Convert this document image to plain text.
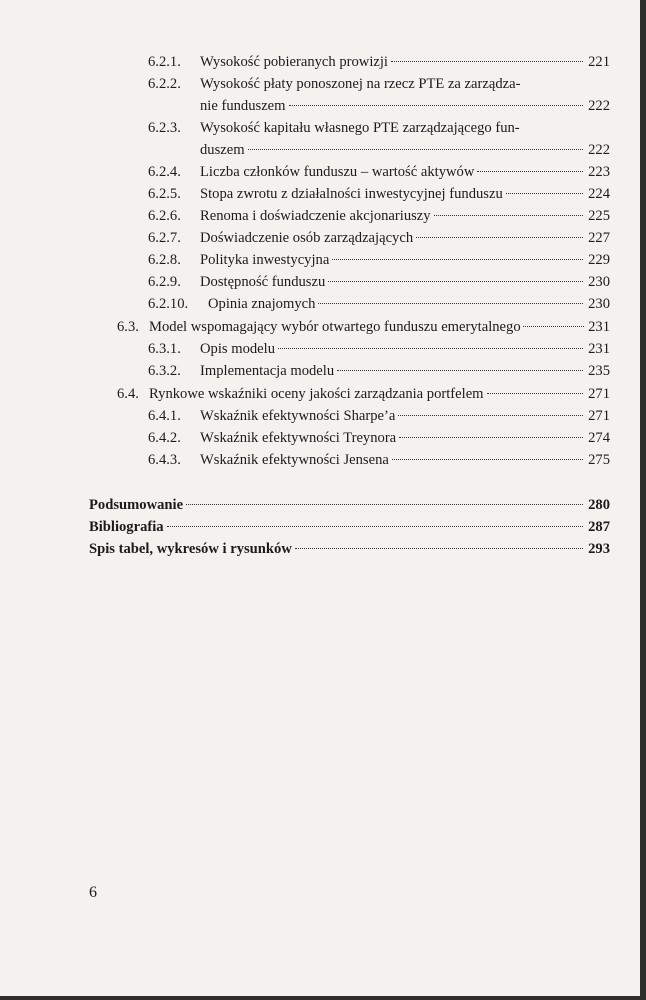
6.2.1.	Wysokość pobieranych prowizji	221
6.2.2.	Wysokość płaty ponoszonej na rzecz PTE za zarządza-
nie funduszem	222
6.2.3.	Wysokość kapitału własnego PTE zarządzającego fun-
duszem	222
6.2.4.	Liczba członków funduszu – wartość aktywów	223
6.2.5.	Stopa zwrotu z działalności inwestycyjnej funduszu	224
6.2.6.	Renoma i doświadczenie akcjonariuszy	225
6.2.7.	Doświadczenie osób zarządzających	227
6.2.8.	Polityka inwestycyjna	229
6.2.9.	Dostępność funduszu	230
6.2.10.	Opinia znajomych	230
6.3. Model wspomagający wybór otwartego funduszu emerytalnego	231
6.3.1.	Opis modelu	231
6.3.2.	Implementacja modelu	235
6.4. Rynkowe wskaźniki oceny jakości zarządzania portfelem	271
6.4.1.	Wskaźnik efektywności Sharpe’a	271
6.4.2.	Wskaźnik efektywności Treynora	274
6.4.3.	Wskaźnik efektywności Jensena	275
Podsumowanie	280
Bibliografia	287
Spis tabel, wykresów i rysunków	293
6
